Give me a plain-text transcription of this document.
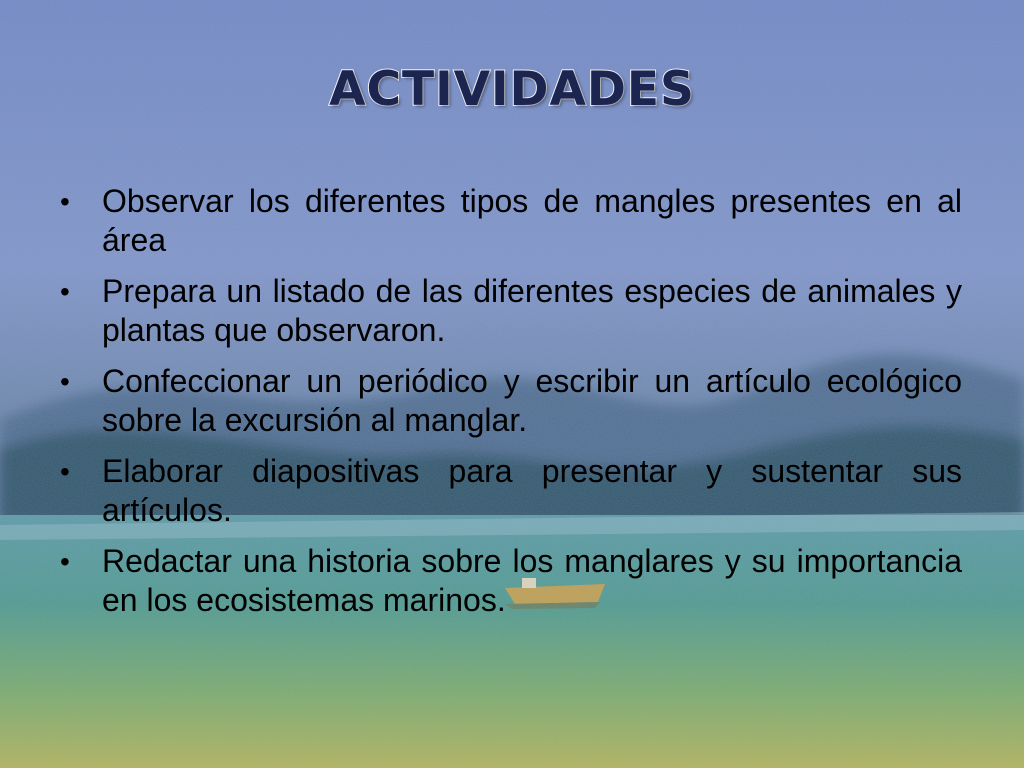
ACTIVIDADES
• Observar los diferentes tipos de mangles presentes en al área
• Prepara un listado de las diferentes especies de animales y plantas que observaron.
• Confeccionar un periódico y escribir un artículo ecológico sobre la excursión al manglar.
• Elaborar diapositivas para presentar y sustentar sus artículos.
• Redactar una historia sobre los manglares y su importancia en los ecosistemas marinos.
